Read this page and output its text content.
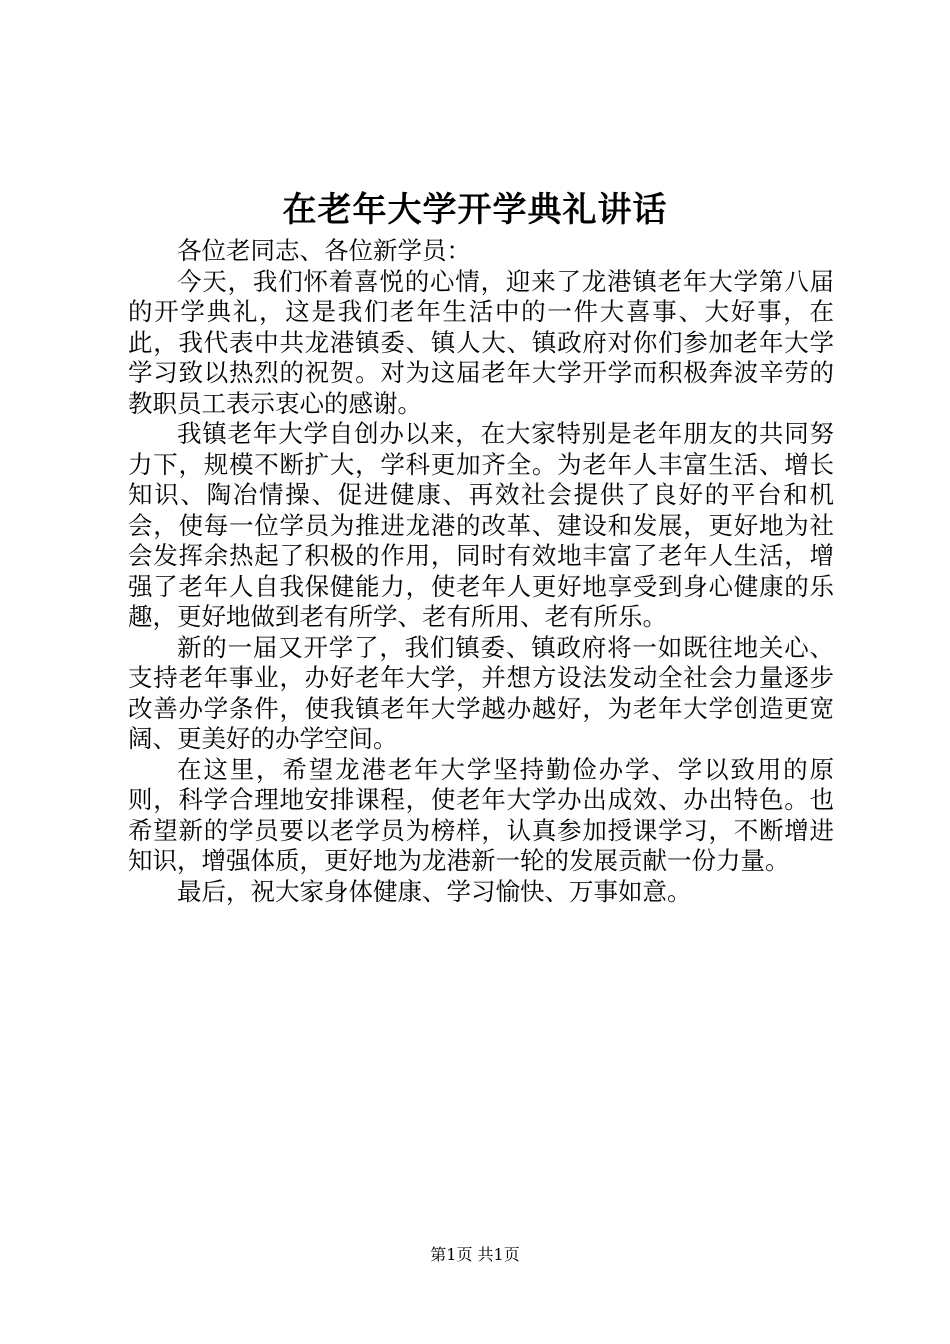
在老年大学开学典礼讲话

各位老同志、各位新学员：

今天，我们怀着喜悦的心情，迎来了龙港镇老年大学第八届的开学典礼，这是我们老年生活中的一件大喜事、大好事，在此，我代表中共龙港镇委、镇人大、镇政府对你们参加老年大学学习致以热烈的祝贺。对为这届老年大学开学而积极奔波辛劳的教职员工表示衷心的感谢。

我镇老年大学自创办以来，在大家特别是老年朋友的共同努力下，规模不断扩大，学科更加齐全。为老年人丰富生活、增长知识、陶冶情操、促进健康、再效社会提供了良好的平台和机会，使每一位学员为推进龙港的改革、建设和发展，更好地为社会发挥余热起了积极的作用，同时有效地丰富了老年人生活，增强了老年人自我保健能力，使老年人更好地享受到身心健康的乐趣，更好地做到老有所学、老有所用、老有所乐。

新的一届又开学了，我们镇委、镇政府将一如既往地关心、支持老年事业，办好老年大学，并想方设法发动全社会力量逐步改善办学条件，使我镇老年大学越办越好，为老年大学创造更宽阔、更美好的办学空间。

在这里，希望龙港老年大学坚持勤俭办学、学以致用的原则，科学合理地安排课程，使老年大学办出成效、办出特色。也希望新的学员要以老学员为榜样，认真参加授课学习，不断增进知识，增强体质，更好地为龙港新一轮的发展贡献一份力量。

最后，祝大家身体健康、学习愉快、万事如意。

第1页 共1页
